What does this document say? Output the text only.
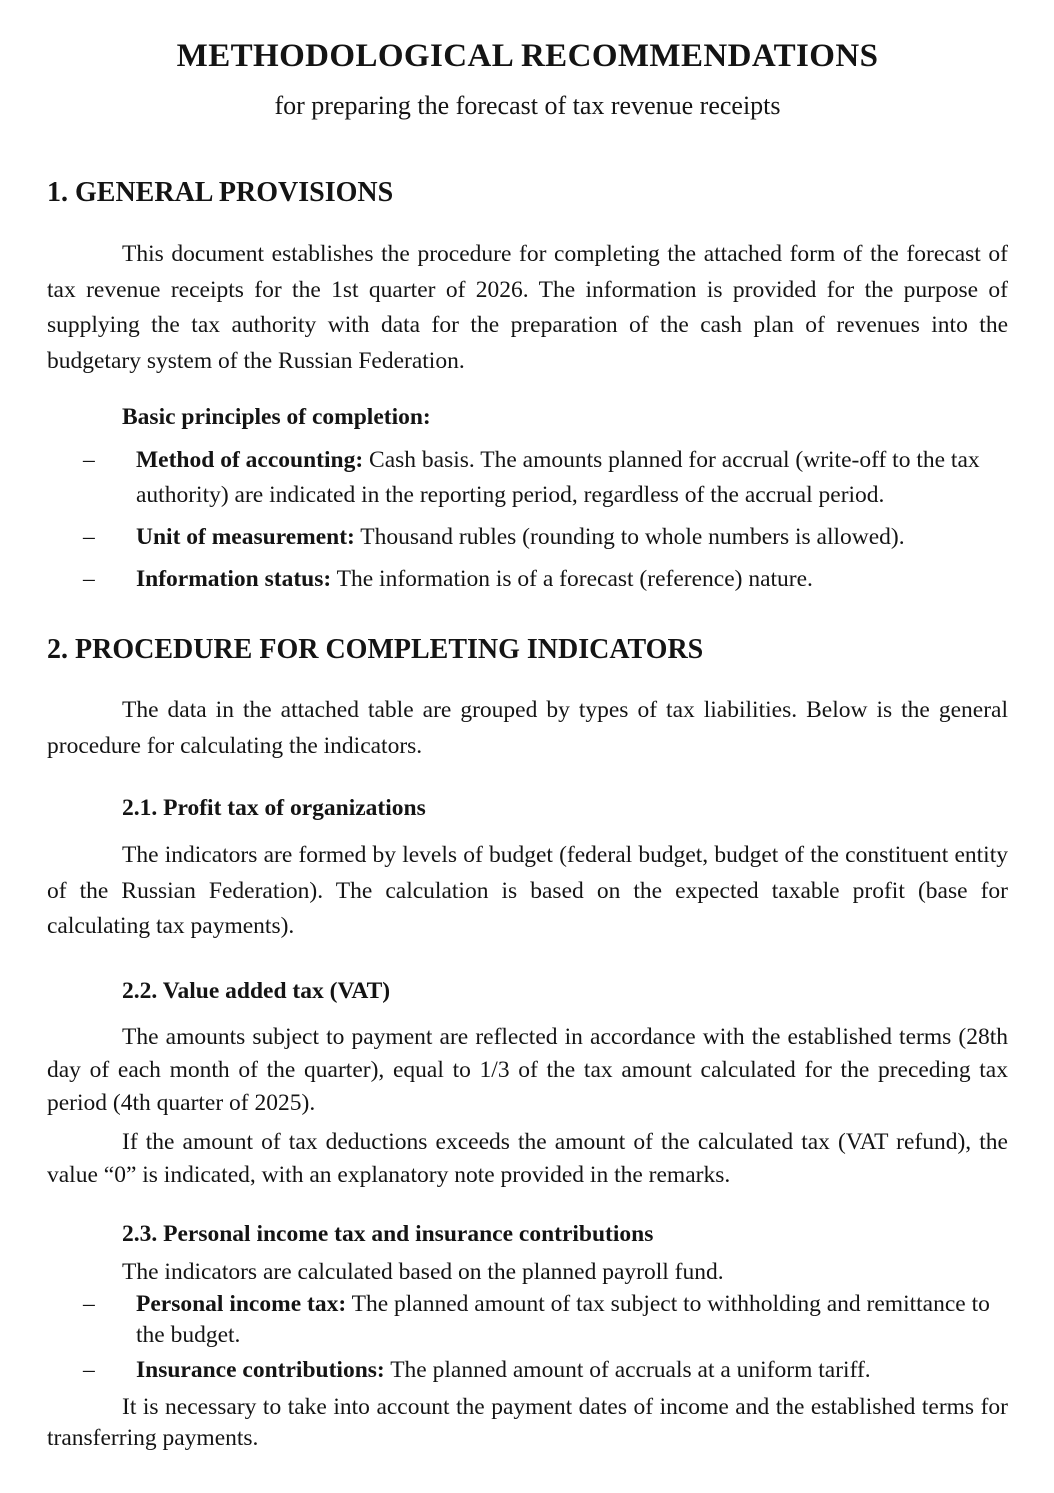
METHODOLOGICAL RECOMMENDATIONS
for preparing the forecast of tax revenue receipts
1. GENERAL PROVISIONS

This document establishes the procedure for completing the attached form of the forecast of tax revenue receipts for the 1st quarter of 2026. The information is provided for the purpose of supplying the tax authority with data for the preparation of the cash plan of revenues into the budgetary system of the Russian Federation.

Basic principles of completion:
– Method of accounting: Cash basis. The amounts planned for accrual (write-off to the tax authority) are indicated in the reporting period, regardless of the accrual period.
– Unit of measurement: Thousand rubles (rounding to whole numbers is allowed).
– Information status: The information is of a forecast (reference) nature.
2. PROCEDURE FOR COMPLETING INDICATORS

The data in the attached table are grouped by types of tax liabilities. Below is the general procedure for calculating the indicators.

2.1. Profit tax of organizations

The indicators are formed by levels of budget (federal budget, budget of the constituent entity of the Russian Federation). The calculation is based on the expected taxable profit (base for calculating tax payments).

2.2. Value added tax (VAT)

The amounts subject to payment are reflected in accordance with the established terms (28th day of each month of the quarter), equal to 1/3 of the tax amount calculated for the preceding tax period (4th quarter of 2025).

If the amount of tax deductions exceeds the amount of the calculated tax (VAT refund), the value “0” is indicated, with an explanatory note provided in the remarks.

2.3. Personal income tax and insurance contributions

The indicators are calculated based on the planned payroll fund.

– Personal income tax: The planned amount of tax subject to withholding and remittance to the budget.
– Insurance contributions: The planned amount of accruals at a uniform tariff.

It is necessary to take into account the payment dates of income and the established terms for transferring payments.
